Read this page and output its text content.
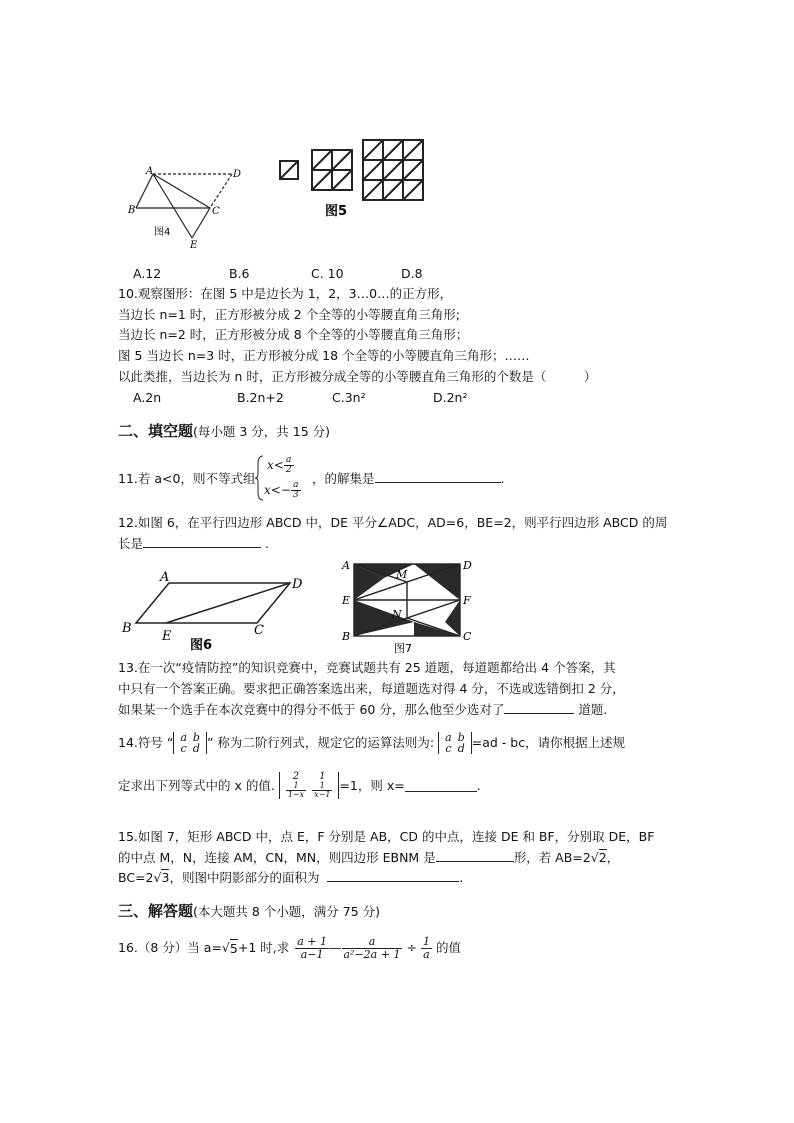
A
B	C
D
E
图4
图5
A.12	B.6	C. 10	D.8
10.观察图形：在图 5 中是边长为 1，2，3…0…的正方形，
当边长 n=1 时，正方形被分成 2 个全等的小等腰直角三角形;
当边长 n=2 时，正方形被分成 8 个全等的小等腰直角三角形；
图 5 当边长 n=3 时，正方形被分成 18 个全等的小等腰直角三角形；……
以此类推，当边长为 n 时，正方形被分成全等的小等腰直角三角形的个数是（　　　）
A.2n	B.2n+2	C.3n²	D.2n²
二、填空题(每小题 3 分，共 15 分)
11.若 a<0，则不等式组
$x< \frac{a}{2}$
$x<- \frac{a}{3}$
，的解集是	.
12.如图 6，在平行四边形 ABCD 中，DE 平分∠ADC，AD=6，BE=2，则平行四边形 ABCD 的周
长是	.
A
B	C
D
E
图6
A
E
B
D
F
C
M
N
图7
13.在一次“疫情防控”的知识竞赛中，竞赛试题共有 25 道题，每道题都给出 4 个答案，其
中只有一个答案正确。要求把正确答案选出来，每道题选对得 4 分，不选或选错倒扣 2 分，
如果某一个选手在本次竞赛中的得分不低于 60 分，那么他至少选对了	道题.
14.符号 “ a	b
c	d ” 称为二阶行列式，规定它的运算法则为: a	b
c	d =ad - bc，请你根据上述规
定求出下列等式中的 x 的值.
2	1

$\frac{1}{1-x}$	$\frac{1}{x-1} =1$，则 x=	.
15.如图 7，矩形 ABCD 中，点 E，F 分别是 AB，CD 的中点，连接 DE 和 BF，分别取 DE，BF
的中点 M，N，连接 AM，CN，MN，则四边形 EBNM 是	形，若 AB=2√2，
BC=2√3，则图中阴影部分的面积为	.
三、解答题(本大题共 8 个小题，满分 75 分)
16.（8 分）当 a= √ 5 +1 时,求 $\frac{a + 1}{a-1}$ — $\frac{a}{\text{a²−2a + 1}} \div \frac{1}{a}$ 的值
